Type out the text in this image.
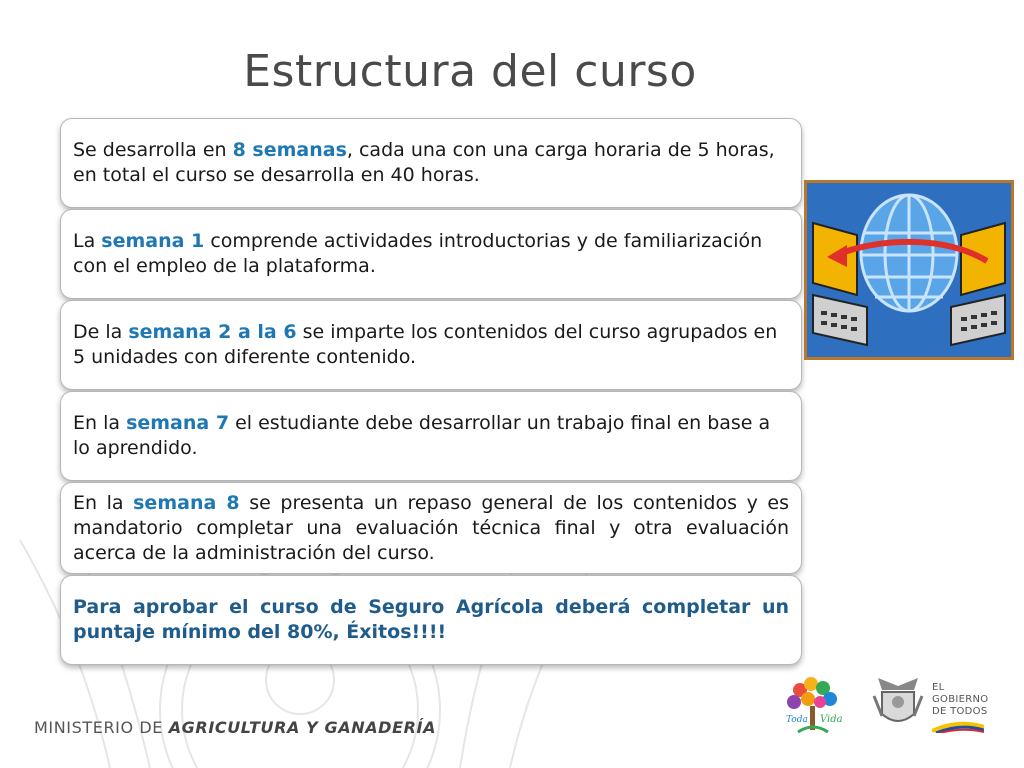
Estructura del curso
Se desarrolla en 8 semanas, cada una con una carga horaria de 5 horas, en total el curso se desarrolla en 40 horas.
La semana 1 comprende actividades introductorias y de familiarización con el empleo de la plataforma.
De la semana 2 a la 6 se imparte los contenidos del curso agrupados en 5 unidades con diferente contenido.
En la semana 7 el estudiante debe desarrollar un trabajo final en base a lo aprendido.
En la semana 8 se presenta un repaso general de los contenidos y es mandatorio completar una evaluación técnica final y otra evaluación acerca de la administración del curso.
Para aprobar el curso de Seguro Agrícola deberá completar un puntaje mínimo del 80%, Éxitos!!!!
MINISTERIO DE AGRICULTURA Y GANADERÍA	Toda Vida
EL
GOBIERNO
DE TODOS
